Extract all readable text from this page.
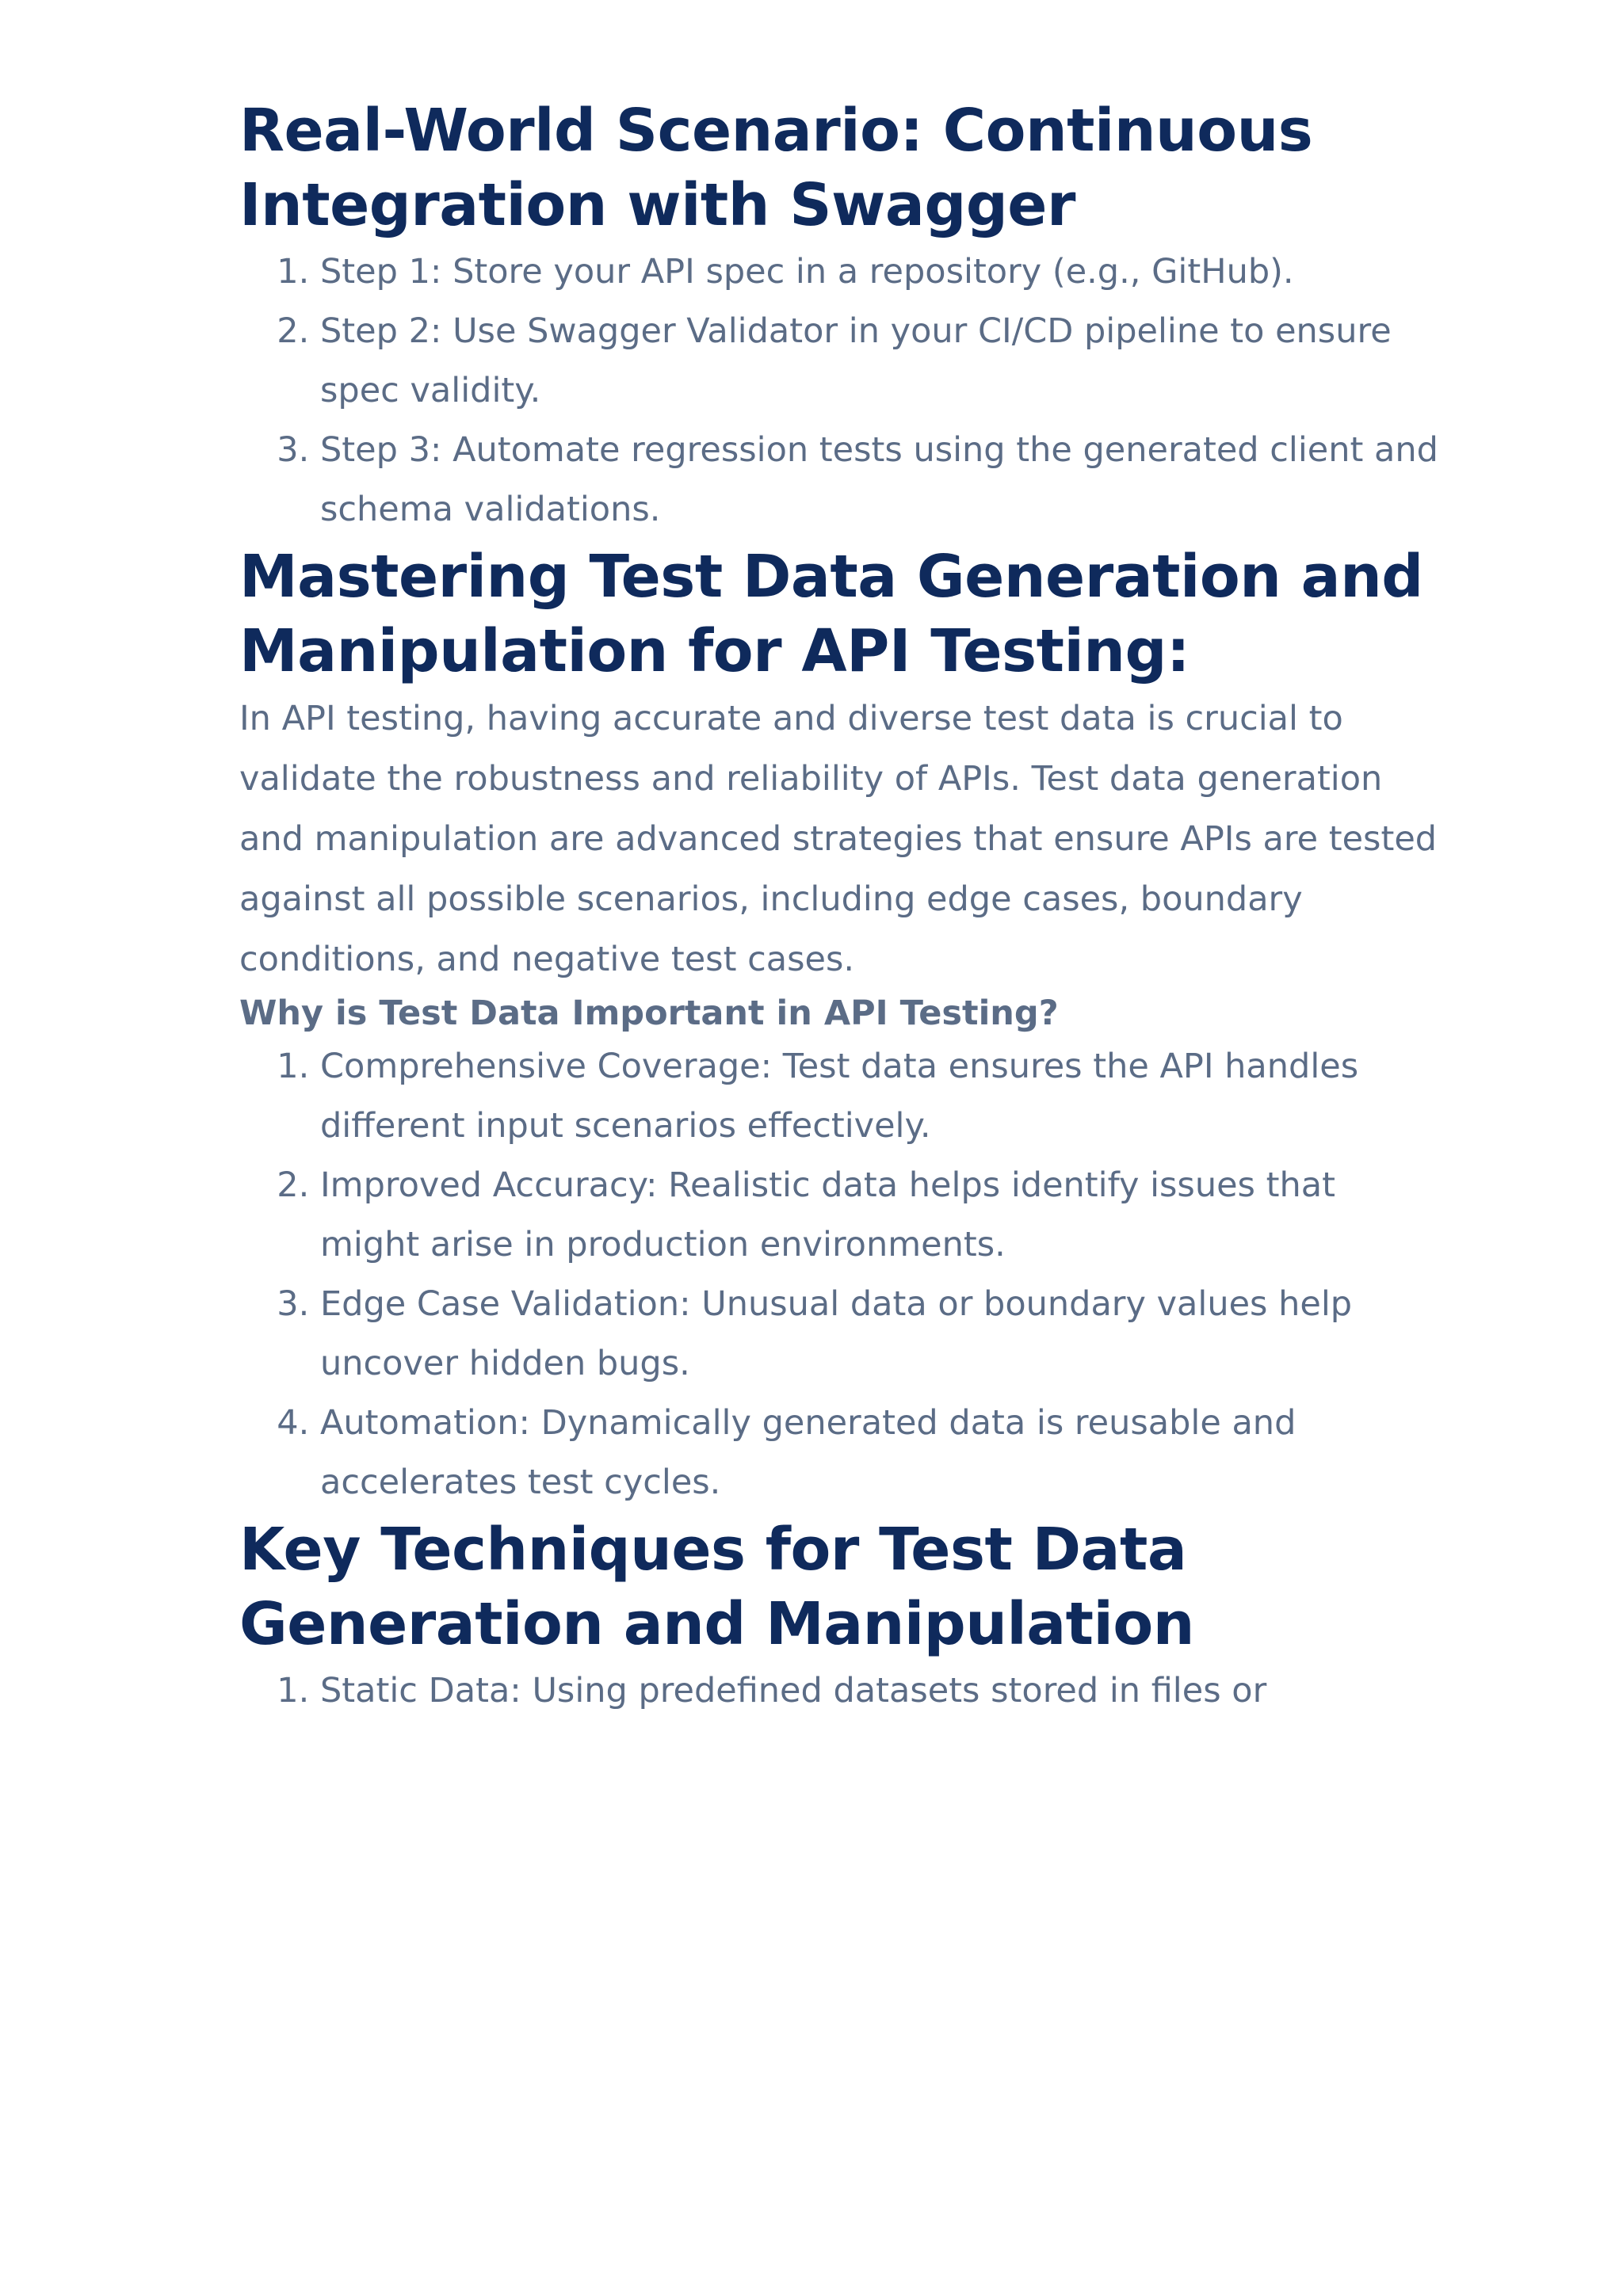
Real-World Scenario: Continuous Integration with Swagger
1. Step 1: Store your API spec in a repository (e.g., GitHub).
2. Step 2: Use Swagger Validator in your CI/CD pipeline to ensure spec validity.
3. Step 3: Automate regression tests using the generated client and schema validations.
Mastering Test Data Generation and Manipulation for API Testing:

In API testing, having accurate and diverse test data is crucial to validate the robustness and reliability of APIs. Test data generation and manipulation are advanced strategies that ensure APIs are tested against all possible scenarios, including edge cases, boundary conditions, and negative test cases.

Why is Test Data Important in API Testing?
1. Comprehensive Coverage: Test data ensures the API handles different input scenarios effectively.
2. Improved Accuracy: Realistic data helps identify issues that might arise in production environments.
3. Edge Case Validation: Unusual data or boundary values help uncover hidden bugs.
4. Automation: Dynamically generated data is reusable and accelerates test cycles.
Key Techniques for Test Data Generation and Manipulation
1. Static Data: Using predefined datasets stored in files or
